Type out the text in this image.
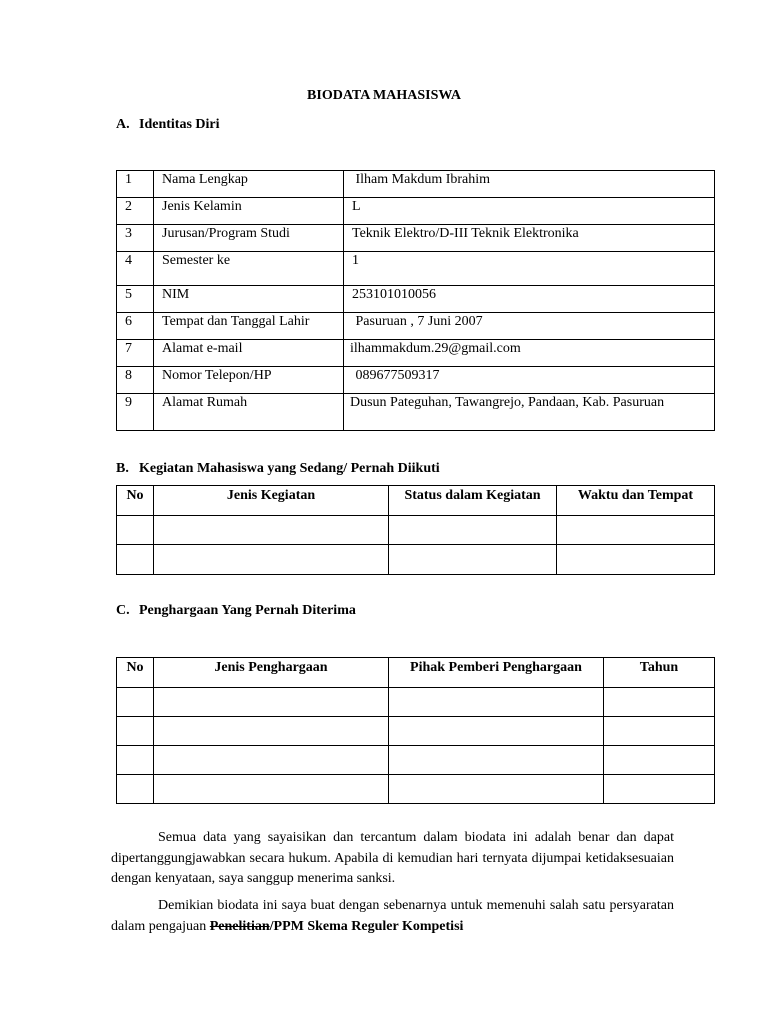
BIODATA MAHASISWA
A. Identitas Diri
1	Nama Lengkap	Ilham Makdum Ibrahim
2	Jenis Kelamin	L
3	Jurusan/Program Studi	Teknik Elektro/D-III Teknik Elektronika
4	Semester ke	1
5	NIM	253101010056
6	Tempat dan Tanggal Lahir	Pasuruan , 7 Juni 2007
7	Alamat e-mail	ilhammakdum.29@gmail.com
8	Nomor Telepon/HP	089677509317
9	Alamat Rumah	Dusun Pateguhan, Tawangrejo, Pandaan, Kab. Pasuruan
B. Kegiatan Mahasiswa yang Sedang/ Pernah Diikuti
No	Jenis Kegiatan	Status dalam Kegiatan	Waktu dan Tempat

C. Penghargaan Yang Pernah Diterima
No	Jenis Penghargaan	Pihak Pemberi Penghargaan	Tahun

Semua data yang sayaisikan dan tercantum dalam biodata ini adalah benar dan dapat dipertanggungjawabkan secara hukum. Apabila di kemudian hari ternyata dijumpai ketidaksesuaian dengan kenyataan, saya sanggup menerima sanksi.
Demikian biodata ini saya buat dengan sebenarnya untuk memenuhi salah satu persyaratan dalam pengajuan Penelitian/PPM Skema Reguler Kompetisi
